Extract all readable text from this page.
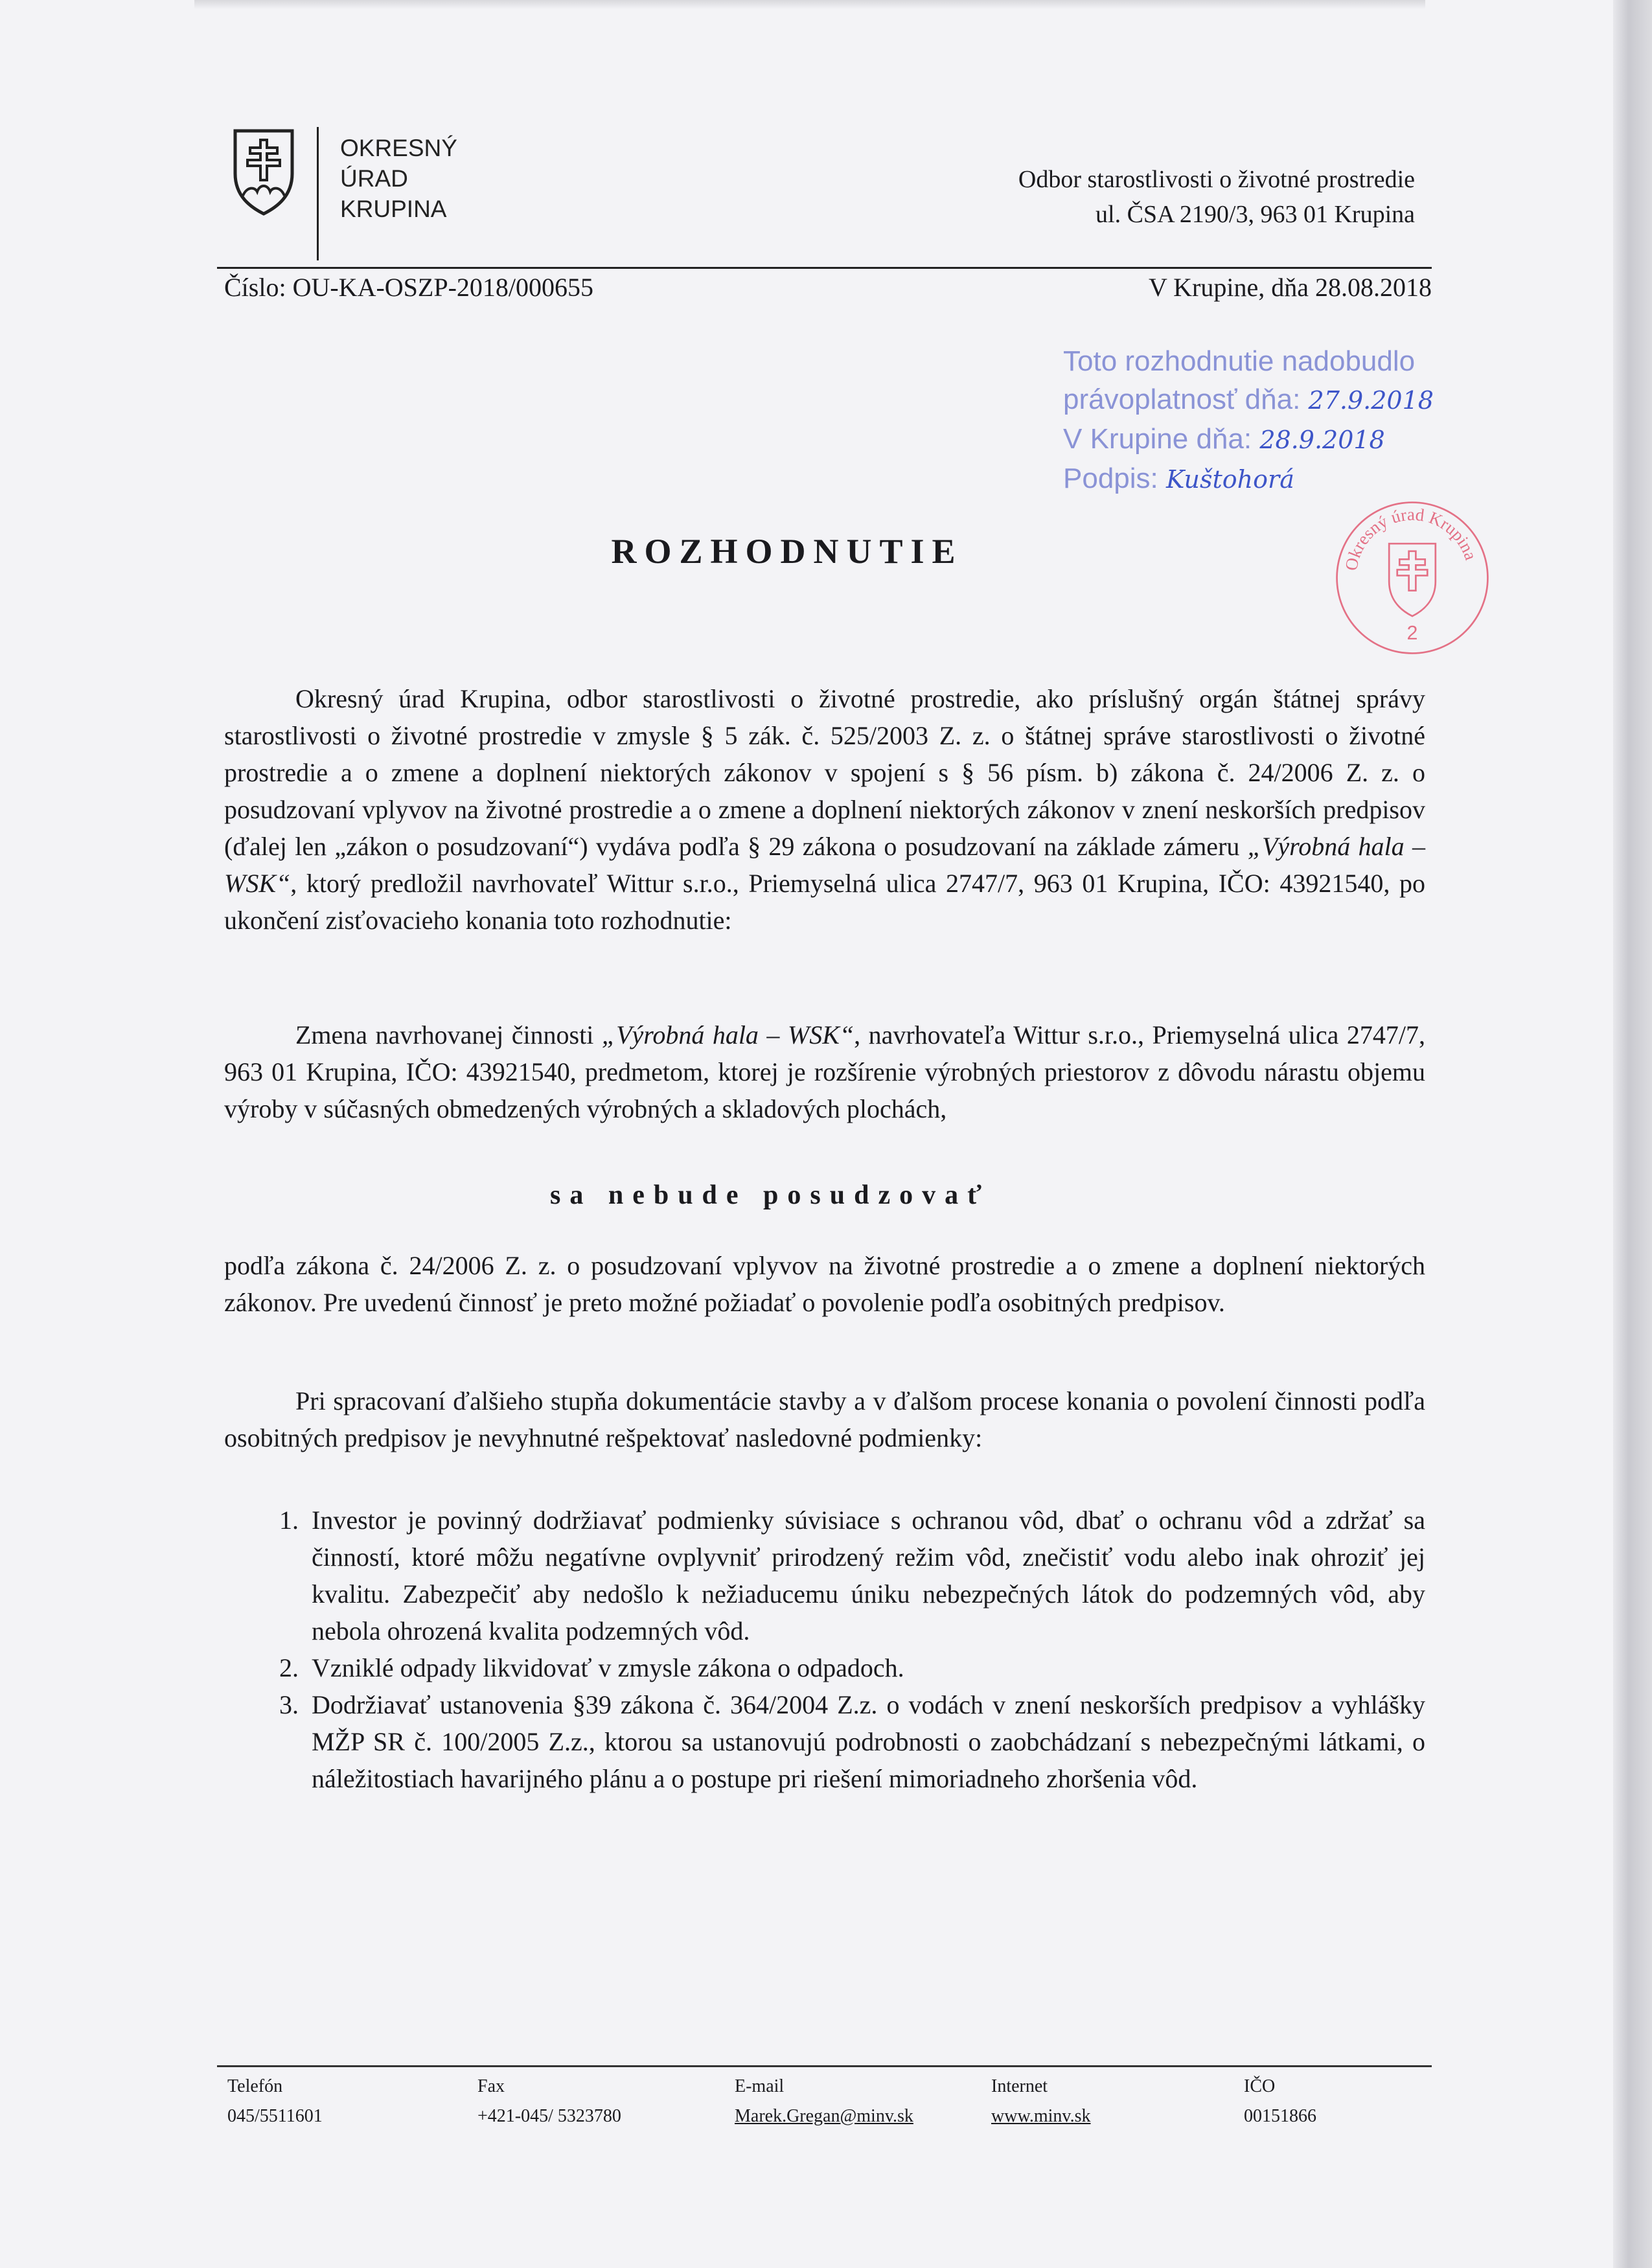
OKRESNÝ
ÚRAD
KRUPINA
Odbor starostlivosti o životné prostredie
ul. ČSA 2190/3, 963 01 Krupina
Číslo: OU-KA-OSZP-2018/000655	V Krupine, dňa 28.08.2018
Toto rozhodnutie nadobudlo
právoplatnosť dňa: 27.9.2018
V Krupine dňa: 28.9.2018
Podpis: Kuštohorá
Okresný úrad Krupina
2
ROZHODNUTIE
Okresný úrad Krupina, odbor starostlivosti o životné prostredie, ako príslušný orgán štátnej správy starostlivosti o životné prostredie v zmysle § 5 zák. č. 525/2003 Z. z. o štátnej správe starostlivosti o životné prostredie a o zmene a doplnení niektorých zákonov v spojení s § 56 písm. b) zákona č. 24/2006 Z. z. o posudzovaní vplyvov na životné prostredie a o zmene a doplnení niektorých zákonov v znení neskorších predpisov (ďalej len „zákon o posudzovaní“) vydáva podľa § 29 zákona o posudzovaní na základe zámeru „Výrobná hala – WSK“, ktorý predložil navrhovateľ Wittur s.r.o., Priemyselná ulica 2747/7, 963 01 Krupina, IČO: 43921540, po ukončení zisťovacieho konania toto rozhodnutie:
Zmena navrhovanej činnosti „Výrobná hala – WSK“, navrhovateľa Wittur s.r.o., Priemyselná ulica 2747/7, 963 01 Krupina, IČO: 43921540, predmetom, ktorej je rozšírenie výrobných priestorov z dôvodu nárastu objemu výroby v súčasných obmedzených výrobných a skladových plochách,
sa nebude posudzovať
podľa zákona č. 24/2006 Z. z. o posudzovaní vplyvov na životné prostredie a o zmene a doplnení niektorých zákonov. Pre uvedenú činnosť je preto možné požiadať o povolenie podľa osobitných predpisov.
Pri spracovaní ďalšieho stupňa dokumentácie stavby a v ďalšom procese konania o povolení činnosti podľa osobitných predpisov je nevyhnutné rešpektovať nasledovné podmienky:
1. Investor je povinný dodržiavať podmienky súvisiace s ochranou vôd, dbať o ochranu vôd a zdržať sa činností, ktoré môžu negatívne ovplyvniť prirodzený režim vôd, znečistiť vodu alebo inak ohroziť jej kvalitu. Zabezpečiť aby nedošlo k nežiaducemu úniku nebezpečných látok do podzemných vôd, aby nebola ohrozená kvalita podzemných vôd.
2. Vzniklé odpady likvidovať v zmysle zákona o odpadoch.
3. Dodržiavať ustanovenia §39 zákona č. 364/2004 Z.z. o vodách v znení neskorších predpisov a vyhlášky MŽP SR č. 100/2005 Z.z., ktorou sa ustanovujú podrobnosti o zaobchádzaní s nebezpečnými látkami, o náležitostiach havarijného plánu a o postupe pri riešení mimoriadneho zhoršenia vôd.
Telefón
045/5511601
Fax
+421-045/ 5323780
E-mail
Marek.Gregan@minv.sk
Internet
www.minv.sk
IČO
00151866
